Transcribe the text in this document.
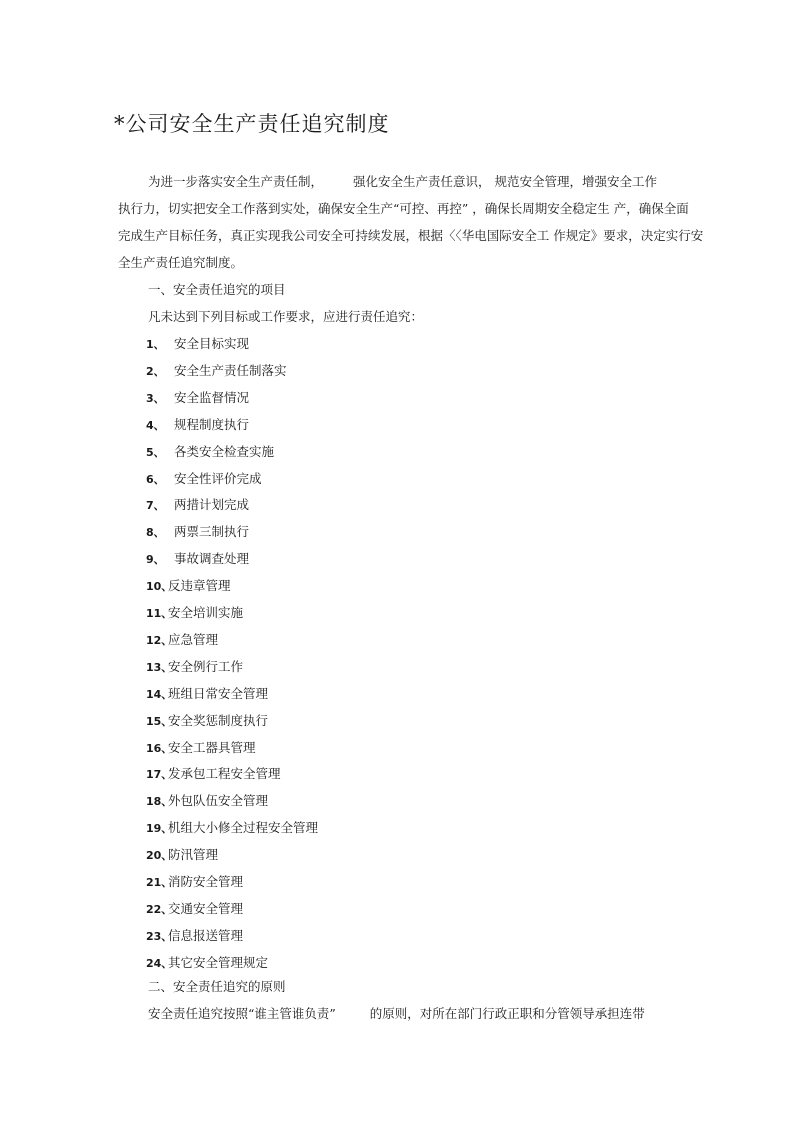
*公司安全生产责任追究制度
为进一步落实安全生产责任制， 强化安全生产责任意识， 规范安全管理，增强安全工作
执行力，切实把安全工作落到实处，确保安全生产“可控、再控” ，确保长周期安全稳定生 产，确保全面
完成生产目标任务，真正实现我公司安全可持续发展，根据〈〈华电国际安全工 作规定》要求，决定实行安
全生产责任追究制度。
一、安全责任追究的项目
凡未达到下列目标或工作要求，应进行责任追究：
1、 安全目标实现
2、 安全生产责任制落实
3、 安全监督情况
4、 规程制度执行
5、 各类安全检查实施
6、 安全性评价完成
7、 两措计划完成
8、 两票三制执行
9、 事故调查处理
10、反违章管理
11、安全培训实施
12、应急管理
13、安全例行工作
14、班组日常安全管理
15、安全奖惩制度执行
16、安全工器具管理
17、发承包工程安全管理
18、外包队伍安全管理
19、机组大小修全过程安全管理
20、防汛管理
21、消防安全管理
22、交通安全管理
23、信息报送管理
24、其它安全管理规定
二、安全责任追究的原则
安全责任追究按照“谁主管谁负责”	的原则，对所在部门行政正职和分管领导承担连带
